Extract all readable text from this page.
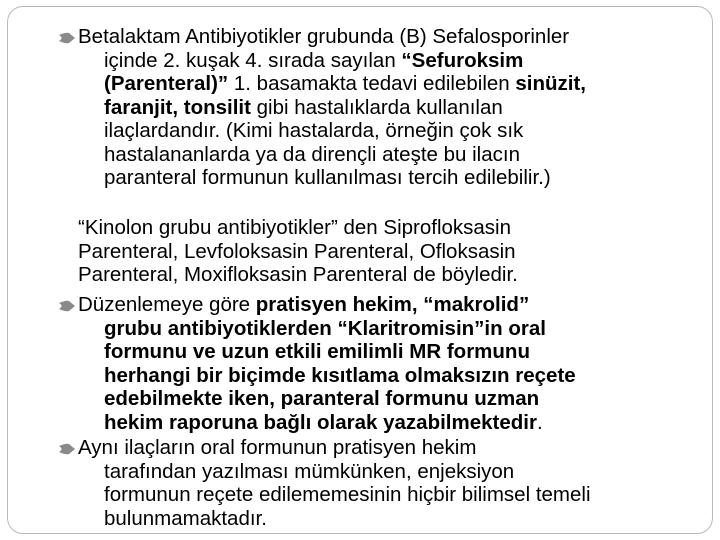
Betalaktam Antibiyotikler grubunda (B) Sefalosporinler
içinde 2. kuşak 4. sırada sayılan “Sefuroksim
(Parenteral)” 1. basamakta tedavi edilebilen sinüzit,
faranjit, tonsilit gibi hastalıklarda kullanılan
ilaçlardandır. (Kimi hastalarda, örneğin çok sık
hastalananlarda ya da dirençli ateşte bu ilacın
paranteral formunun kullanılması tercih edilebilir.)
“Kinolon grubu antibiyotikler” den Siprofloksasin
Parenteral, Levfoloksasin Parenteral, Ofloksasin
Parenteral, Moxifloksasin Parenteral de böyledir.
Düzenlemeye göre pratisyen hekim, “makrolid”
grubu antibiyotiklerden “Klaritromisin”in oral
formunu ve uzun etkili emilimli MR formunu
herhangi bir biçimde kısıtlama olmaksızın reçete
edebilmekte iken, paranteral formunu uzman
hekim raporuna bağlı olarak yazabilmektedir.
Aynı ilaçların oral formunun pratisyen hekim
tarafından yazılması mümkünken, enjeksiyon
formunun reçete edilememesinin hiçbir bilimsel temeli
bulunmamaktadır.
